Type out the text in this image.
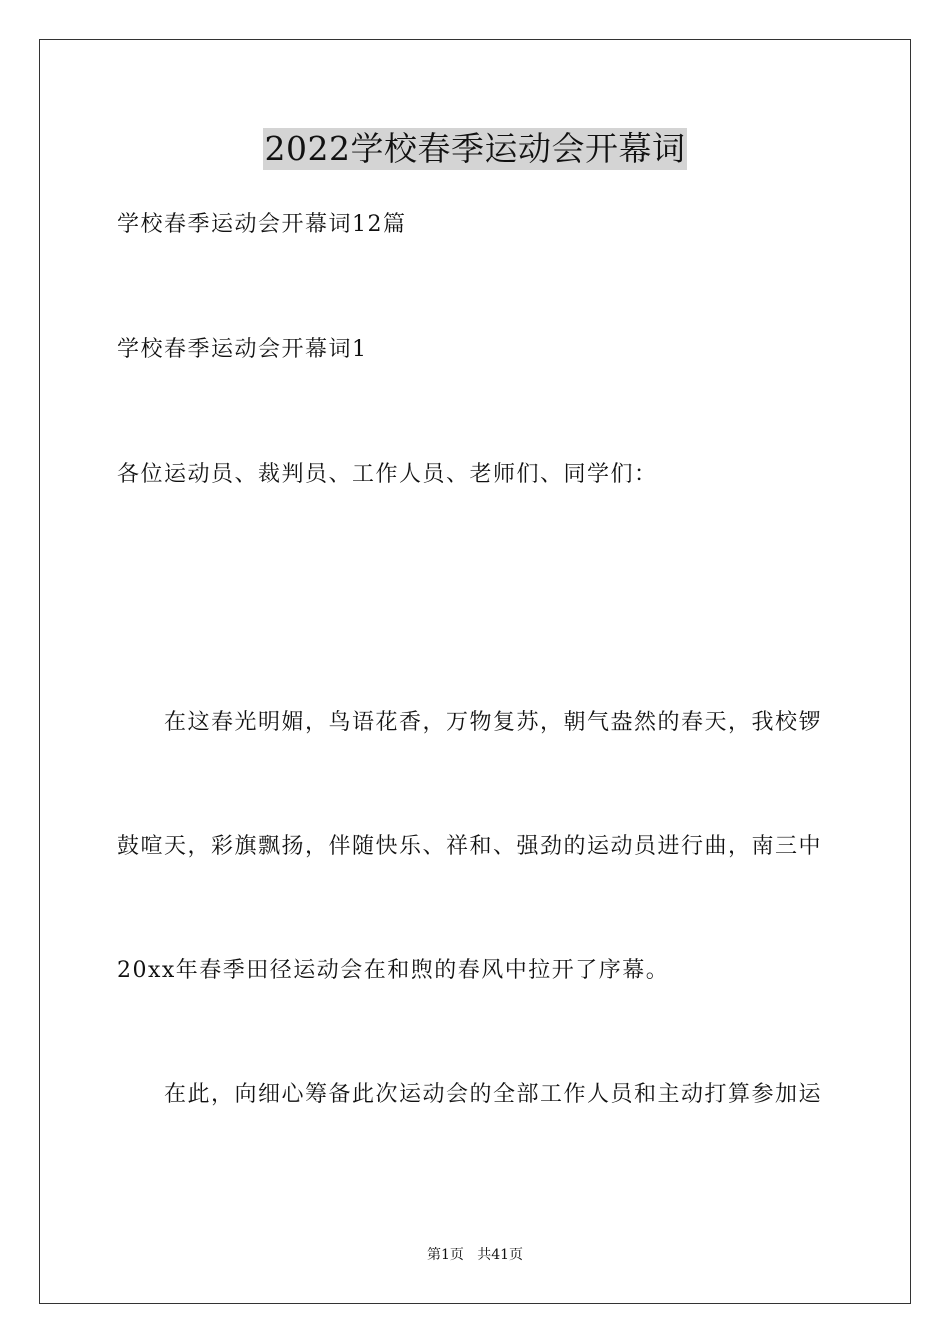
2022学校春季运动会开幕词
学校春季运动会开幕词12篇
学校春季运动会开幕词1
各位运动员、裁判员、工作人员、老师们、同学们：
在这春光明媚，鸟语花香，万物复苏，朝气盎然的春天，我校锣
鼓喧天，彩旗飘扬，伴随快乐、祥和、强劲的运动员进行曲，南三中
20xx年春季田径运动会在和煦的春风中拉开了序幕。
在此，向细心筹备此次运动会的全部工作人员和主动打算参加运
第1页   共41页
